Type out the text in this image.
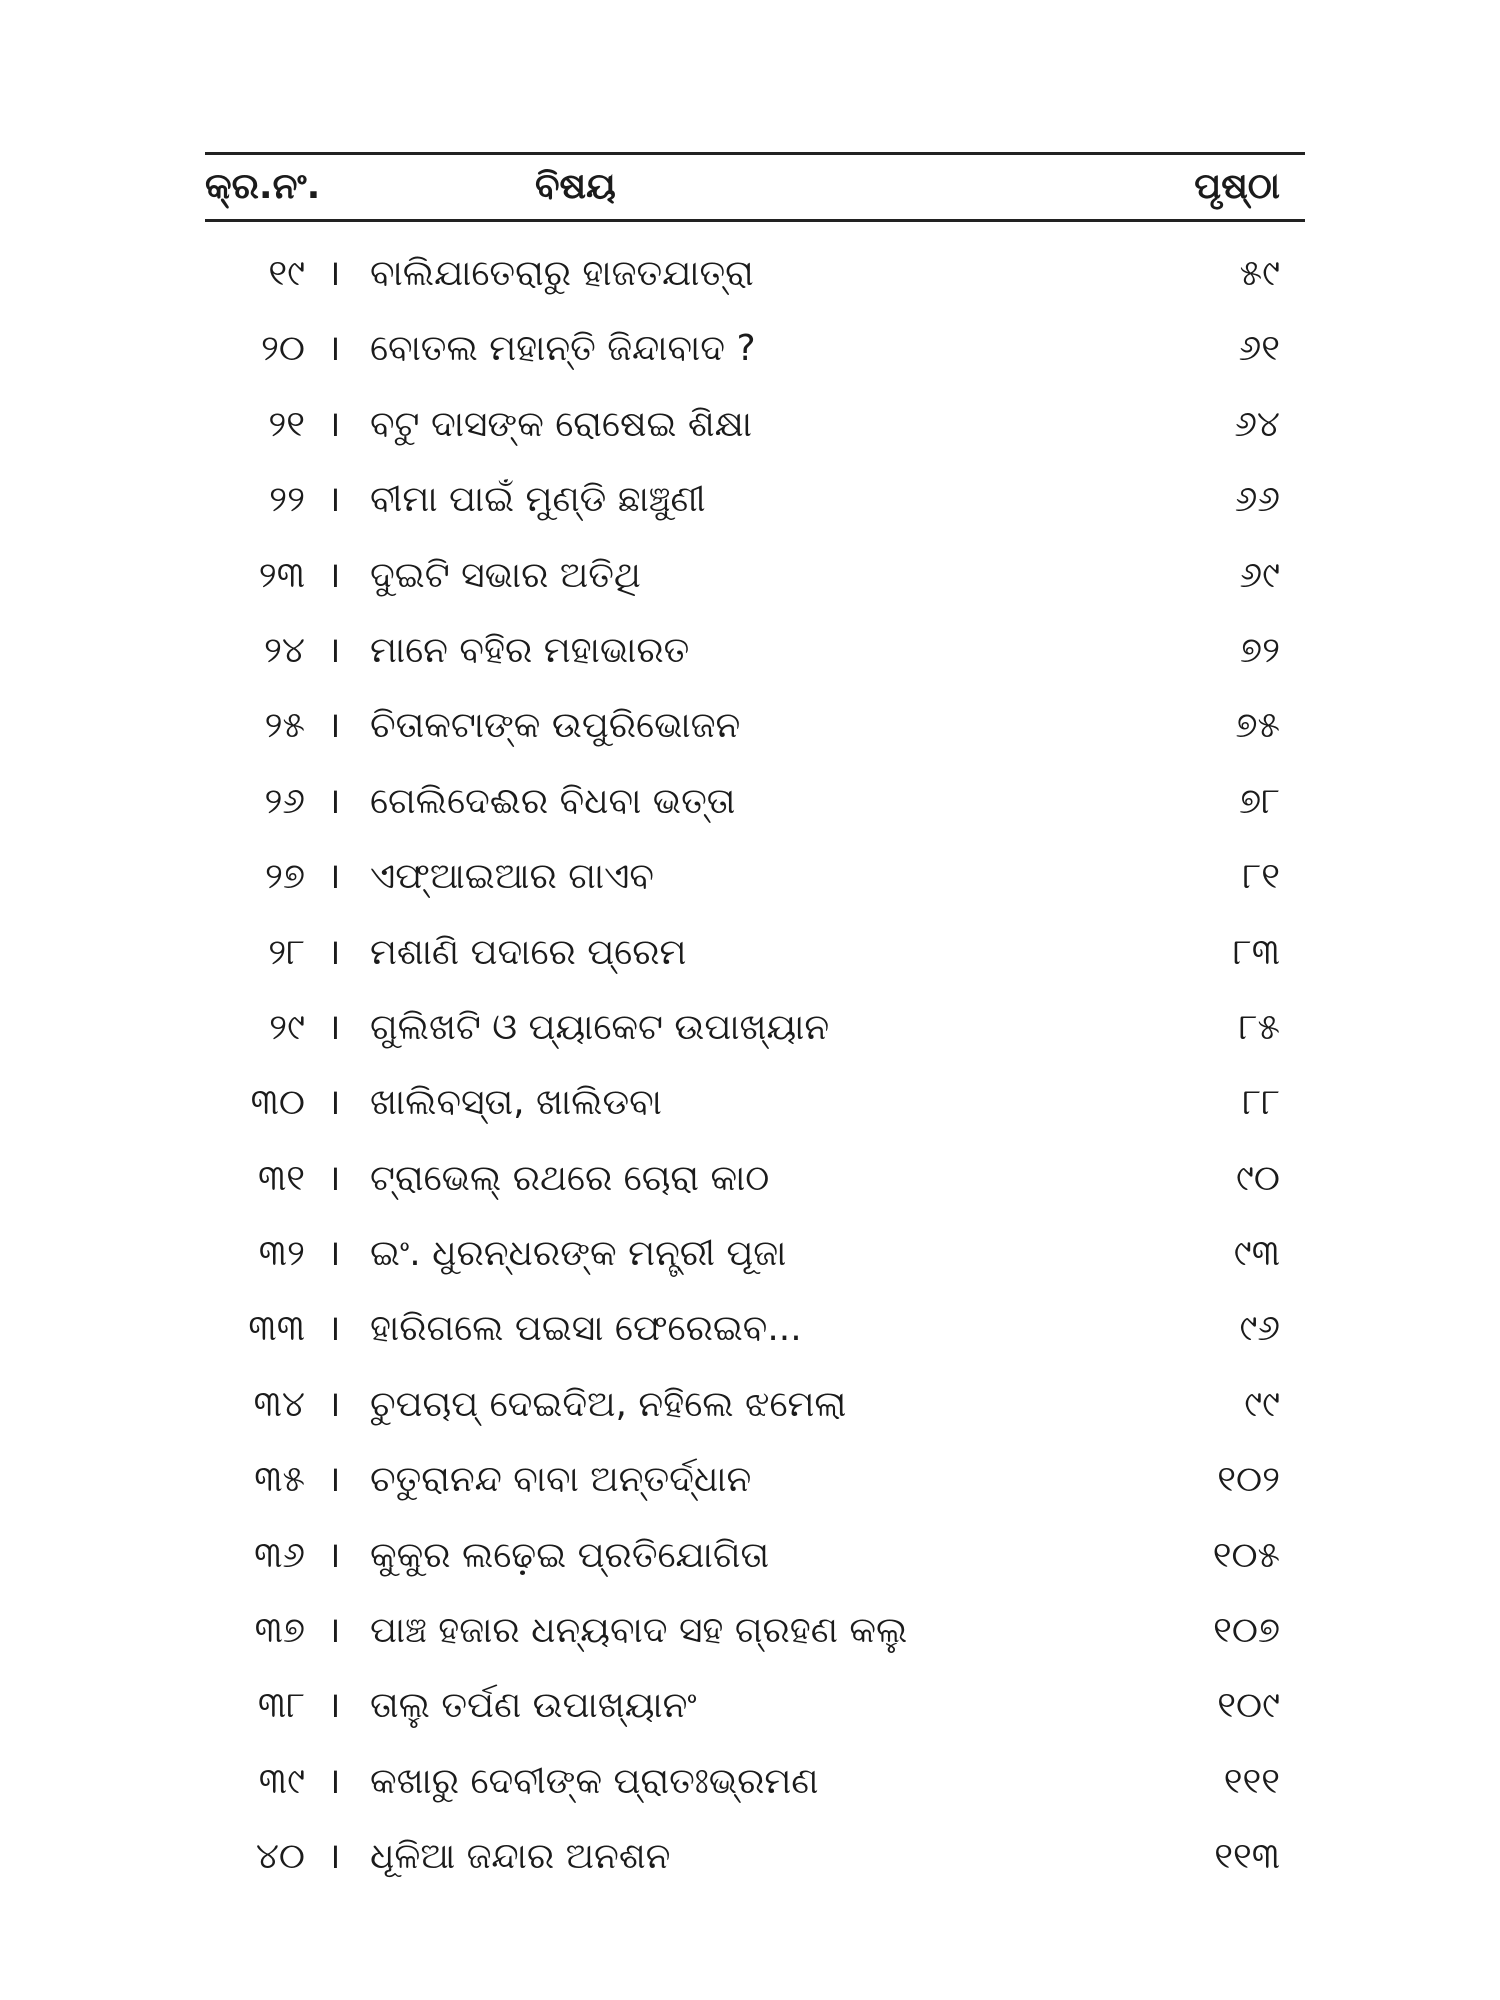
କ୍ର.ନଂ.	ବିଷୟ	ପୃଷ୍ଠା
୧୯ । ବାଲିଯାତେରାରୁ ହାଜତଯାତ୍ରା	୫୯
୨୦ । ବୋତଲ ମହାନ୍ତି ଜିନ୍ଦାବାଦ ?	୬୧
୨୧ । ବଟୁ ଦାସଙ୍କ ରୋଷେଇ ଶିକ୍ଷା	୬୪
୨୨ । ବୀମା ପାଇଁ ମୁଣ୍ଡି ଛାଞ୍ଚୁଣୀ	୬୬
୨୩ । ଦୁଇଟି ସଭାର ଅତିଥି	୬୯
୨୪ । ମାନେ ବହିର ମହାଭାରତ	୭୨
୨୫ । ଚିତାକଟାଙ୍କ ଉପୁରିଭୋଜନ	୭୫
୨୬ । ଗେଲିଦେଈର ବିଧବା ଭତ୍ତା	୭୮
୨୭ । ଏଫ୍‌ଆଇଆର ଗାଏବ	୮୧
୨୮ । ମଶାଣି ପଦାରେ ପ୍ରେମ	୮୩
୨୯ । ଗୁଲିଖଟି ଓ ପ୍ୟାକେଟ ଉପାଖ୍ୟାନ	୮୫
୩୦ । ଖାଲିବସ୍ତା, ଖାଲିଡବା	୮୮
୩୧ । ଟ୍ରାଭେଲ୍ ରଥରେ ଚୋରା କାଠ	୯୦
୩୨ । ଇଂ. ଧୁରନ୍ଧରଙ୍କ ମନ୍ତ୍ରୀ ପୂଜା	୯୩
୩୩ । ହାରିଗଲେ ପଇସା ଫେରେଇବ...	୯୬
୩୪ । ଚୁପଚାପ୍ ଦେଇଦିଅ, ନହିଲେ ଝମେଲା	୯୯
୩୫ । ଚତୁରାନନ୍ଦ ବାବା ଅନ୍ତର୍ଦ୍ଧାନ	୧୦୨
୩୬ । କୁକୁର ଲଢ଼େଇ ପ୍ରତିଯୋଗିତା	୧୦୫
୩୭ । ପାଞ୍ଚ ହଜାର ଧନ୍ୟବାଦ ସହ ଗ୍ରହଣ କଲୁ	୧୦୭
୩୮ । ତାଲୁ ତର୍ପଣ ଉପାଖ୍ୟାନଂ	୧୦୯
୩୯ । କଖାରୁ ଦେବୀଙ୍କ ପ୍ରାତଃଭ୍ରମଣ	୧୧୧
୪୦ । ଧୂଳିଆ ଜନ୍ଦାର ଅନଶନ	୧୧୩
